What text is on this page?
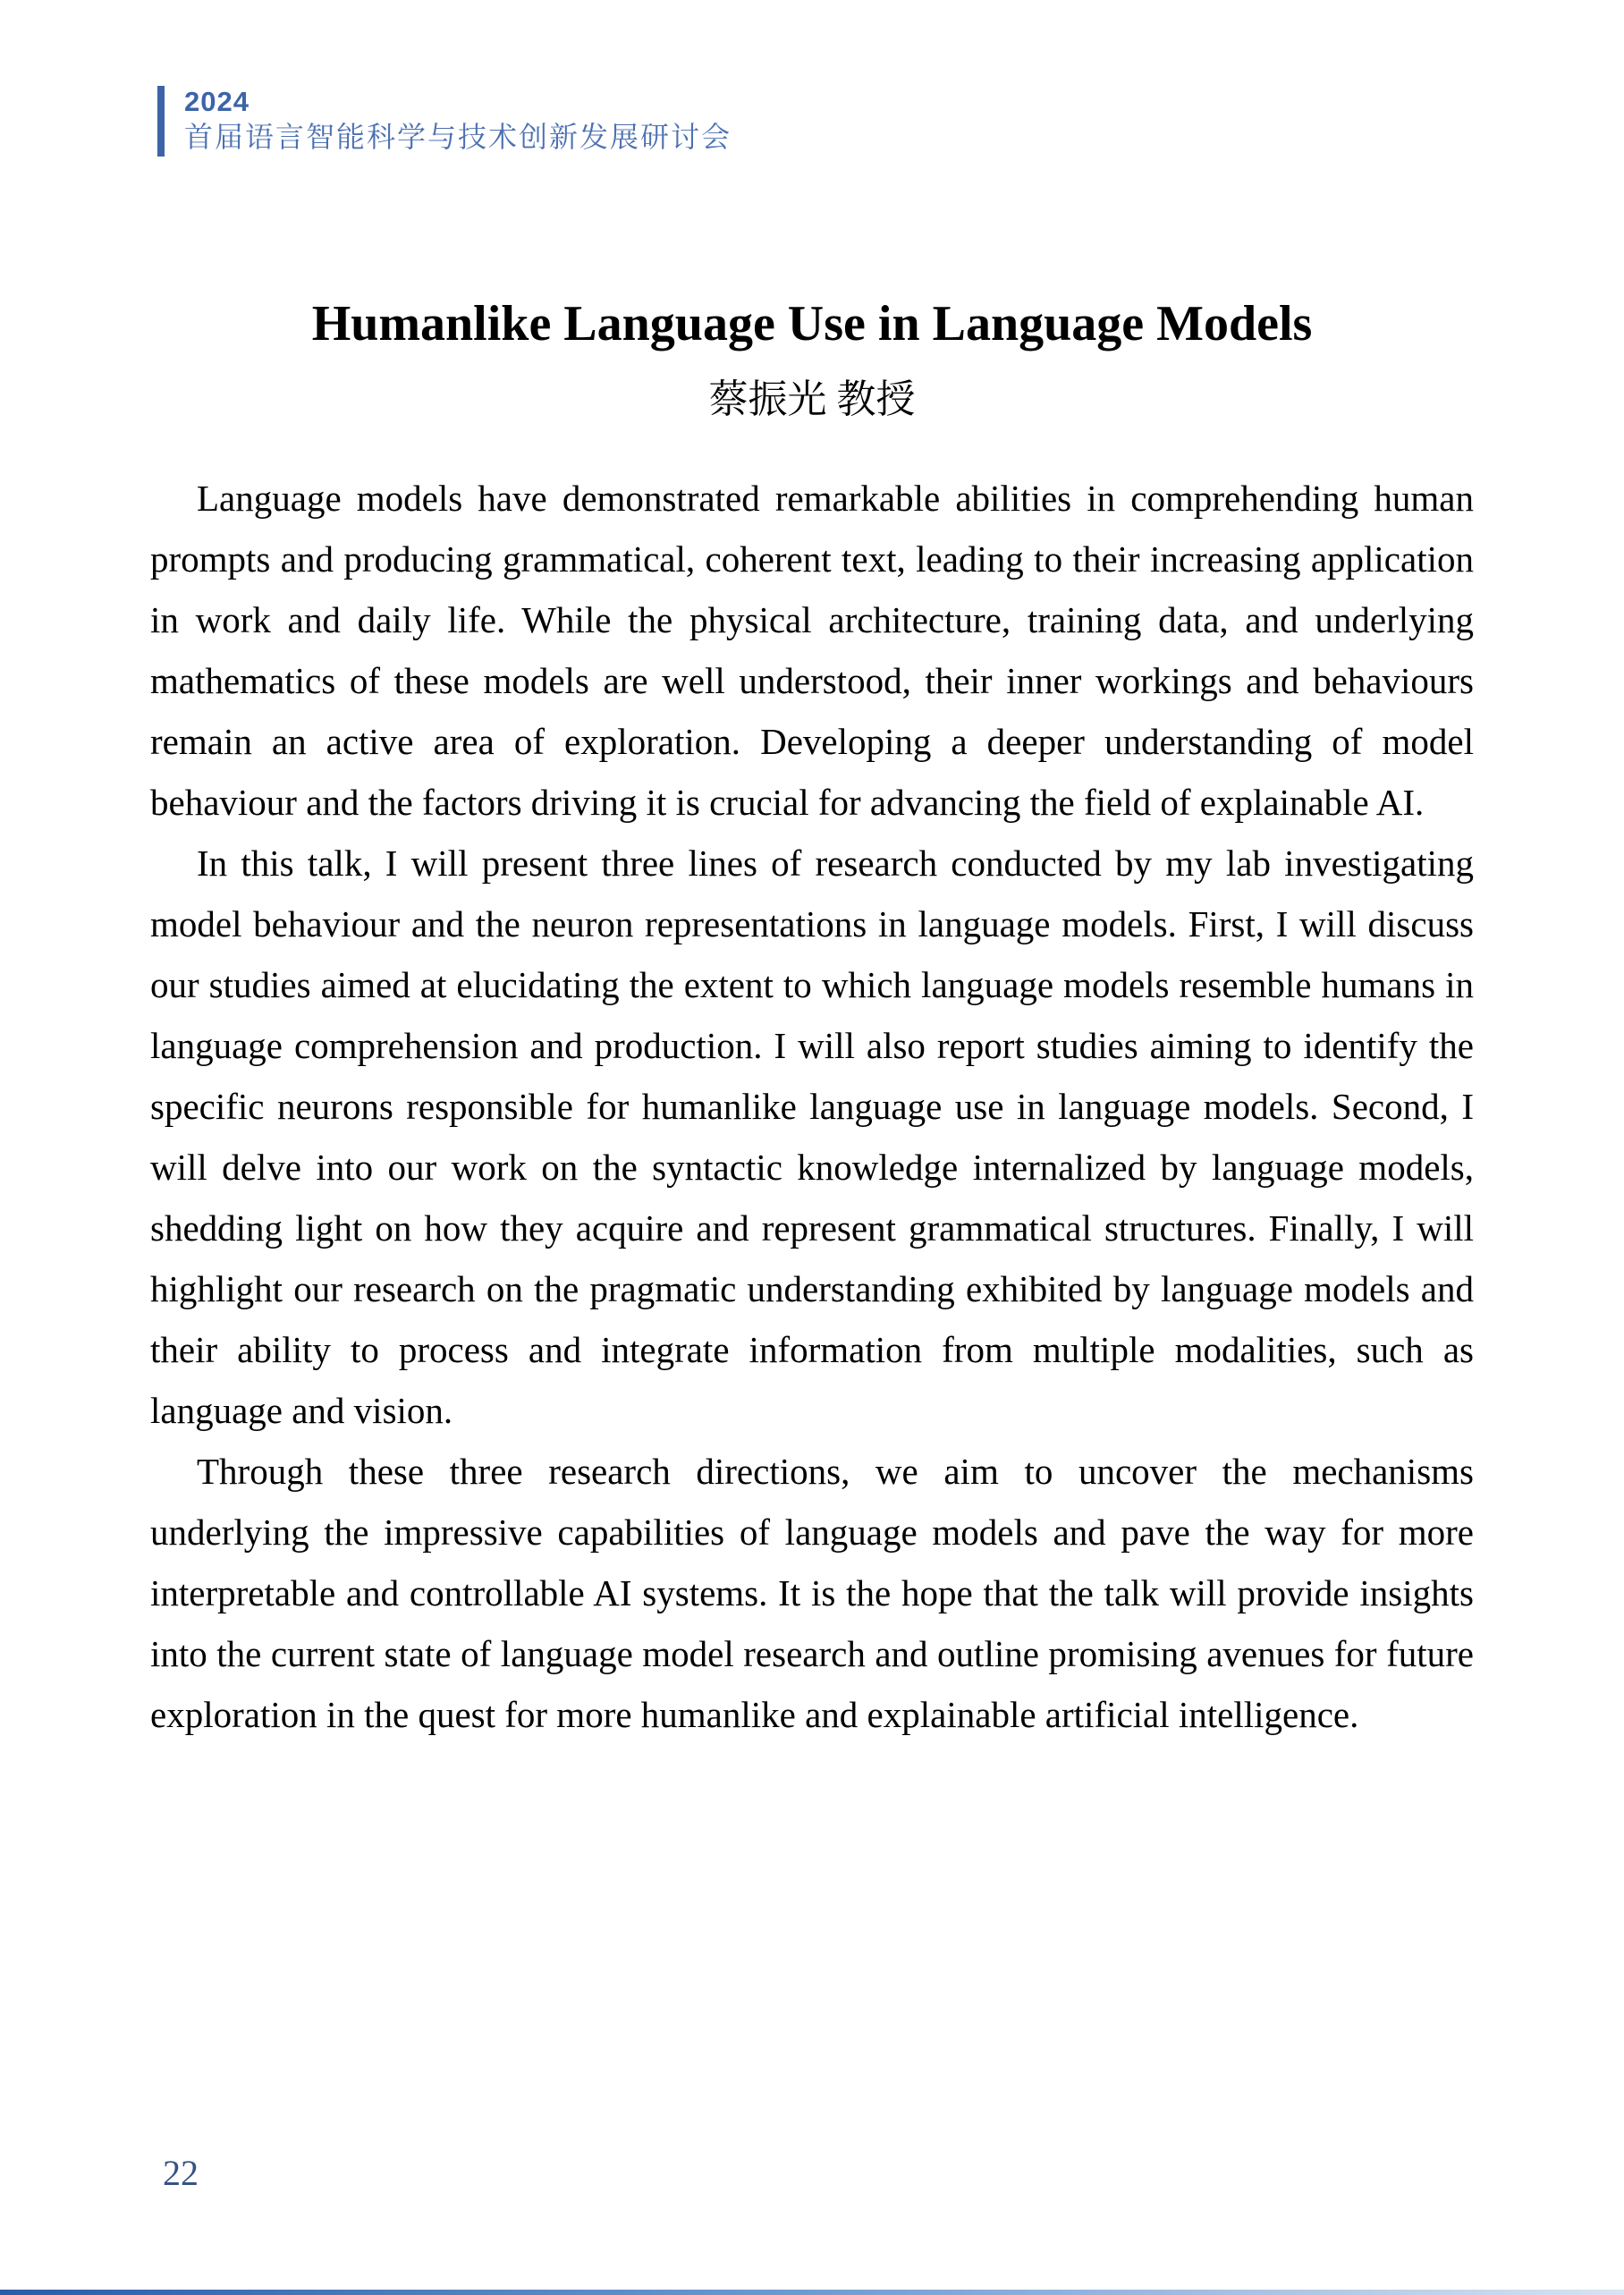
2024
首届语言智能科学与技术创新发展研讨会
Humanlike Language Use in Language Models
蔡振光 教授

Language models have demonstrated remarkable abilities in comprehending human prompts and producing grammatical, coherent text, leading to their increasing application in work and daily life. While the physical architecture, training data, and underlying mathematics of these models are well understood, their inner workings and behaviours remain an active area of exploration. Developing a deeper understanding of model behaviour and the factors driving it is crucial for advancing the field of explainable AI.

In this talk, I will present three lines of research conducted by my lab investigating model behaviour and the neuron representations in language models. First, I will discuss our studies aimed at elucidating the extent to which language models resemble humans in language comprehension and production. I will also report studies aiming to identify the specific neurons responsible for humanlike language use in language models. Second, I will delve into our work on the syntactic knowledge internalized by language models, shedding light on how they acquire and represent grammatical structures. Finally, I will highlight our research on the pragmatic understanding exhibited by language models and their ability to process and integrate information from multiple modalities, such as language and vision.

Through these three research directions, we aim to uncover the mechanisms underlying the impressive capabilities of language models and pave the way for more interpretable and controllable AI systems. It is the hope that the talk will provide insights into the current state of language model research and outline promising avenues for future exploration in the quest for more humanlike and explainable artificial intelligence.

22
